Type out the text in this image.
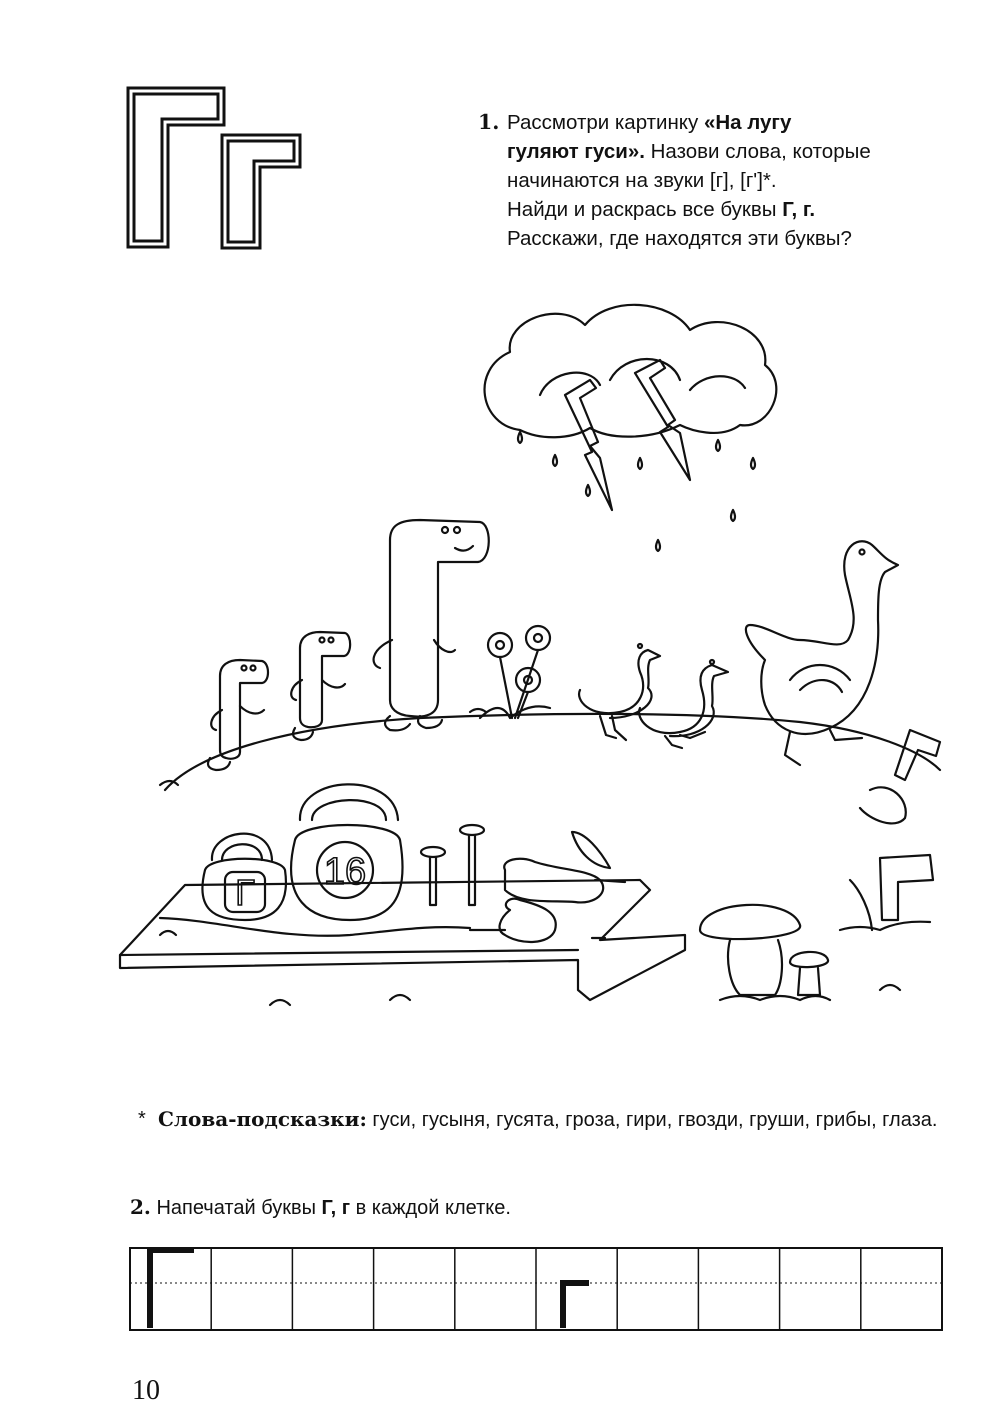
1. Рассмотри картинку «На лугу
гуляют гуси». Назови слова, которые
начинаются на звуки [г], [г']*.
Найди и раскрась все буквы Г, г.
Расскажи, где находятся эти буквы?
Г 16
* Слова-подсказки: гуси, гусыня, гусята, гроза, гири, гвозди, груши, грибы, глаза.
2. Напечатай буквы Г, г в каждой клетке.
10
